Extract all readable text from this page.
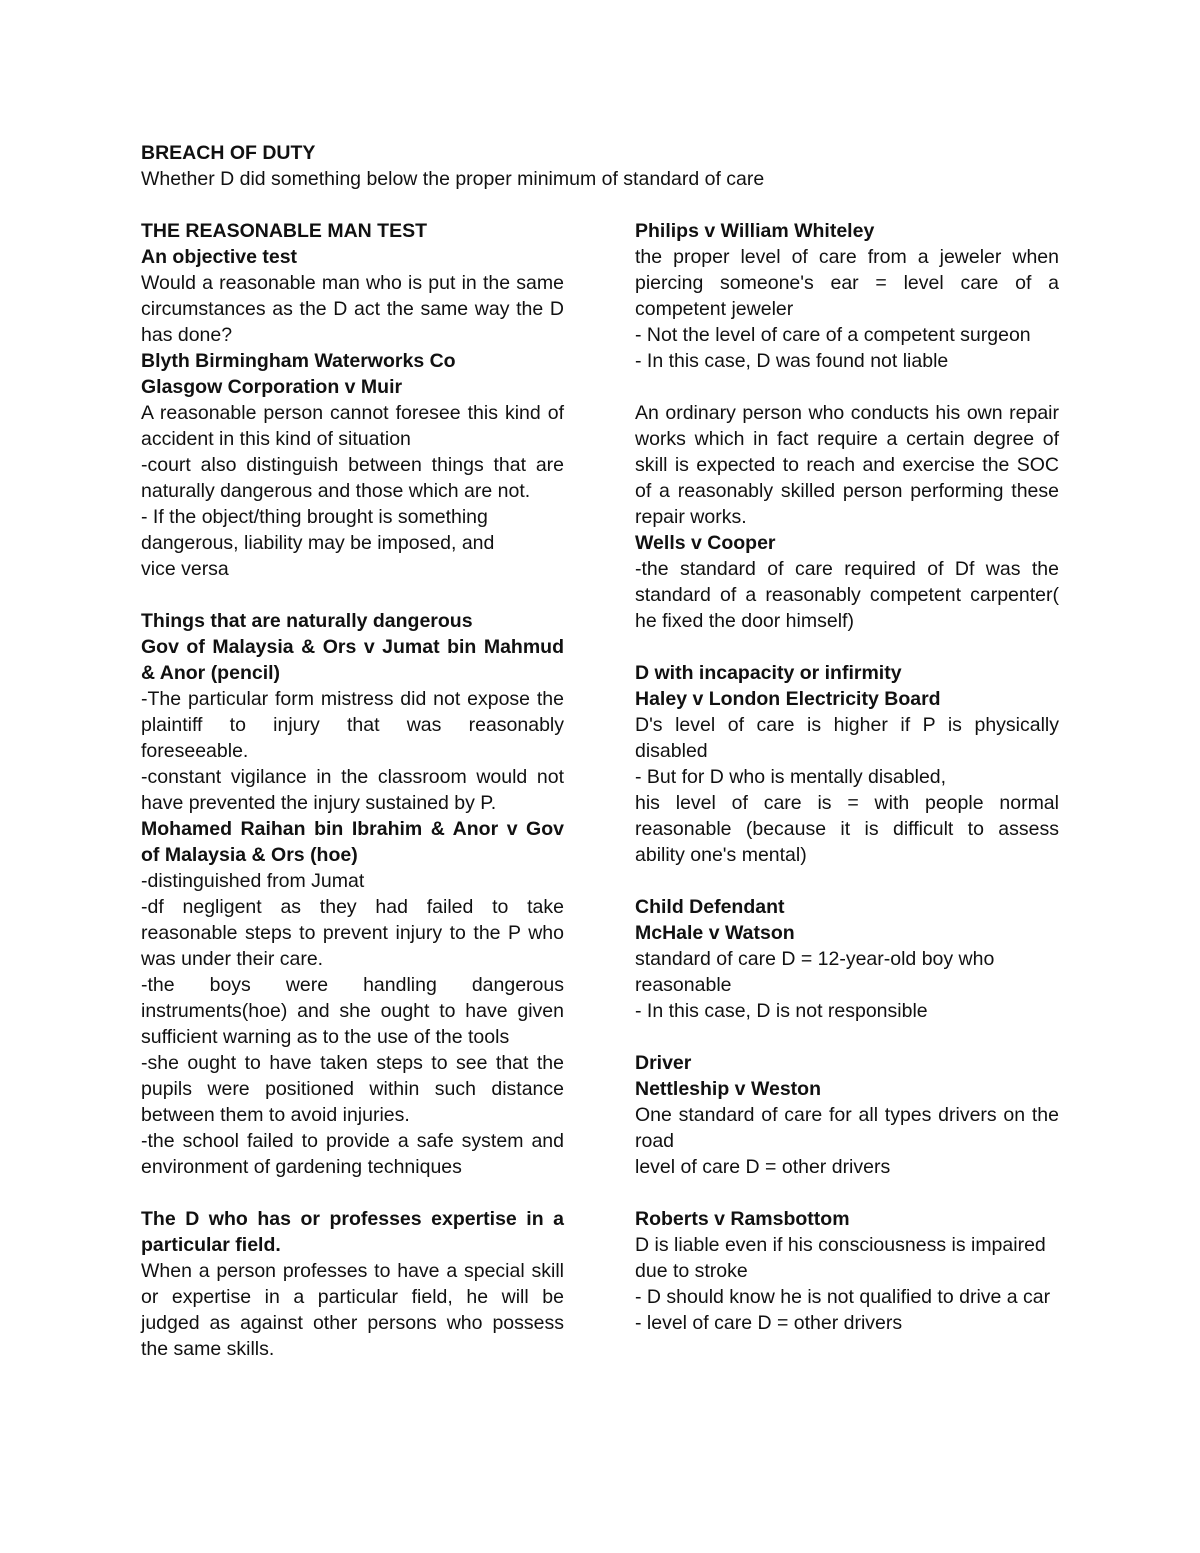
BREACH OF DUTY

Whether D did something below the proper minimum of standard of care

THE REASONABLE MAN TEST
An objective test
Would a reasonable man who is put in the same
circumstances as the D act the same way the D
has done?
Blyth Birmingham Waterworks Co
Glasgow Corporation v Muir
A reasonable person cannot foresee this kind of
accident in this kind of situation
-court also distinguish between things that are
naturally dangerous and those which are not.
- If the object/thing brought is something
dangerous, liability may be imposed, and
vice versa
Things that are naturally dangerous
Gov of Malaysia & Ors v Jumat bin Mahmud
& Anor (pencil)
-The particular form mistress did not expose the
plaintiff to injury that was reasonably
foreseeable.
-constant vigilance in the classroom would not
have prevented the injury sustained by P.
Mohamed Raihan bin Ibrahim & Anor v Gov
of Malaysia & Ors (hoe)
-distinguished from Jumat
-df negligent as they had failed to take
reasonable steps to prevent injury to the P who
was under their care.
-the boys were handling dangerous
instruments(hoe) and she ought to have given
sufficient warning as to the use of the tools
-she ought to have taken steps to see that the
pupils were positioned within such distance
between them to avoid injuries.
-the school failed to provide a safe system and
environment of gardening techniques
The D who has or professes expertise in a
particular field.
When a person professes to have a special skill
or expertise in a particular field, he will be
judged as against other persons who possess
the same skills.
Philips v William Whiteley
the proper level of care from a jeweler when
piercing someone's ear = level care of a
competent jeweler
- Not the level of care of a competent surgeon
- In this case, D was found not liable
An ordinary person who conducts his own repair
works which in fact require a certain degree of
skill is expected to reach and exercise the SOC
of a reasonably skilled person performing these
repair works.
Wells v Cooper
-the standard of care required of Df was the
standard of a reasonably competent carpenter(
he fixed the door himself)
D with incapacity or infirmity
Haley v London Electricity Board
D's level of care is higher if P is physically
disabled
- But for D who is mentally disabled,
his level of care is = with people normal
reasonable (because it is difficult to assess
ability one's mental)
Child Defendant
McHale v Watson
standard of care D = 12-year-old boy who
reasonable
- In this case, D is not responsible
Driver
Nettleship v Weston
One standard of care for all types drivers on the
road
level of care D = other drivers
Roberts v Ramsbottom
D is liable even if his consciousness is impaired
due to stroke
- D should know he is not qualified to drive a car
- level of care D = other drivers
